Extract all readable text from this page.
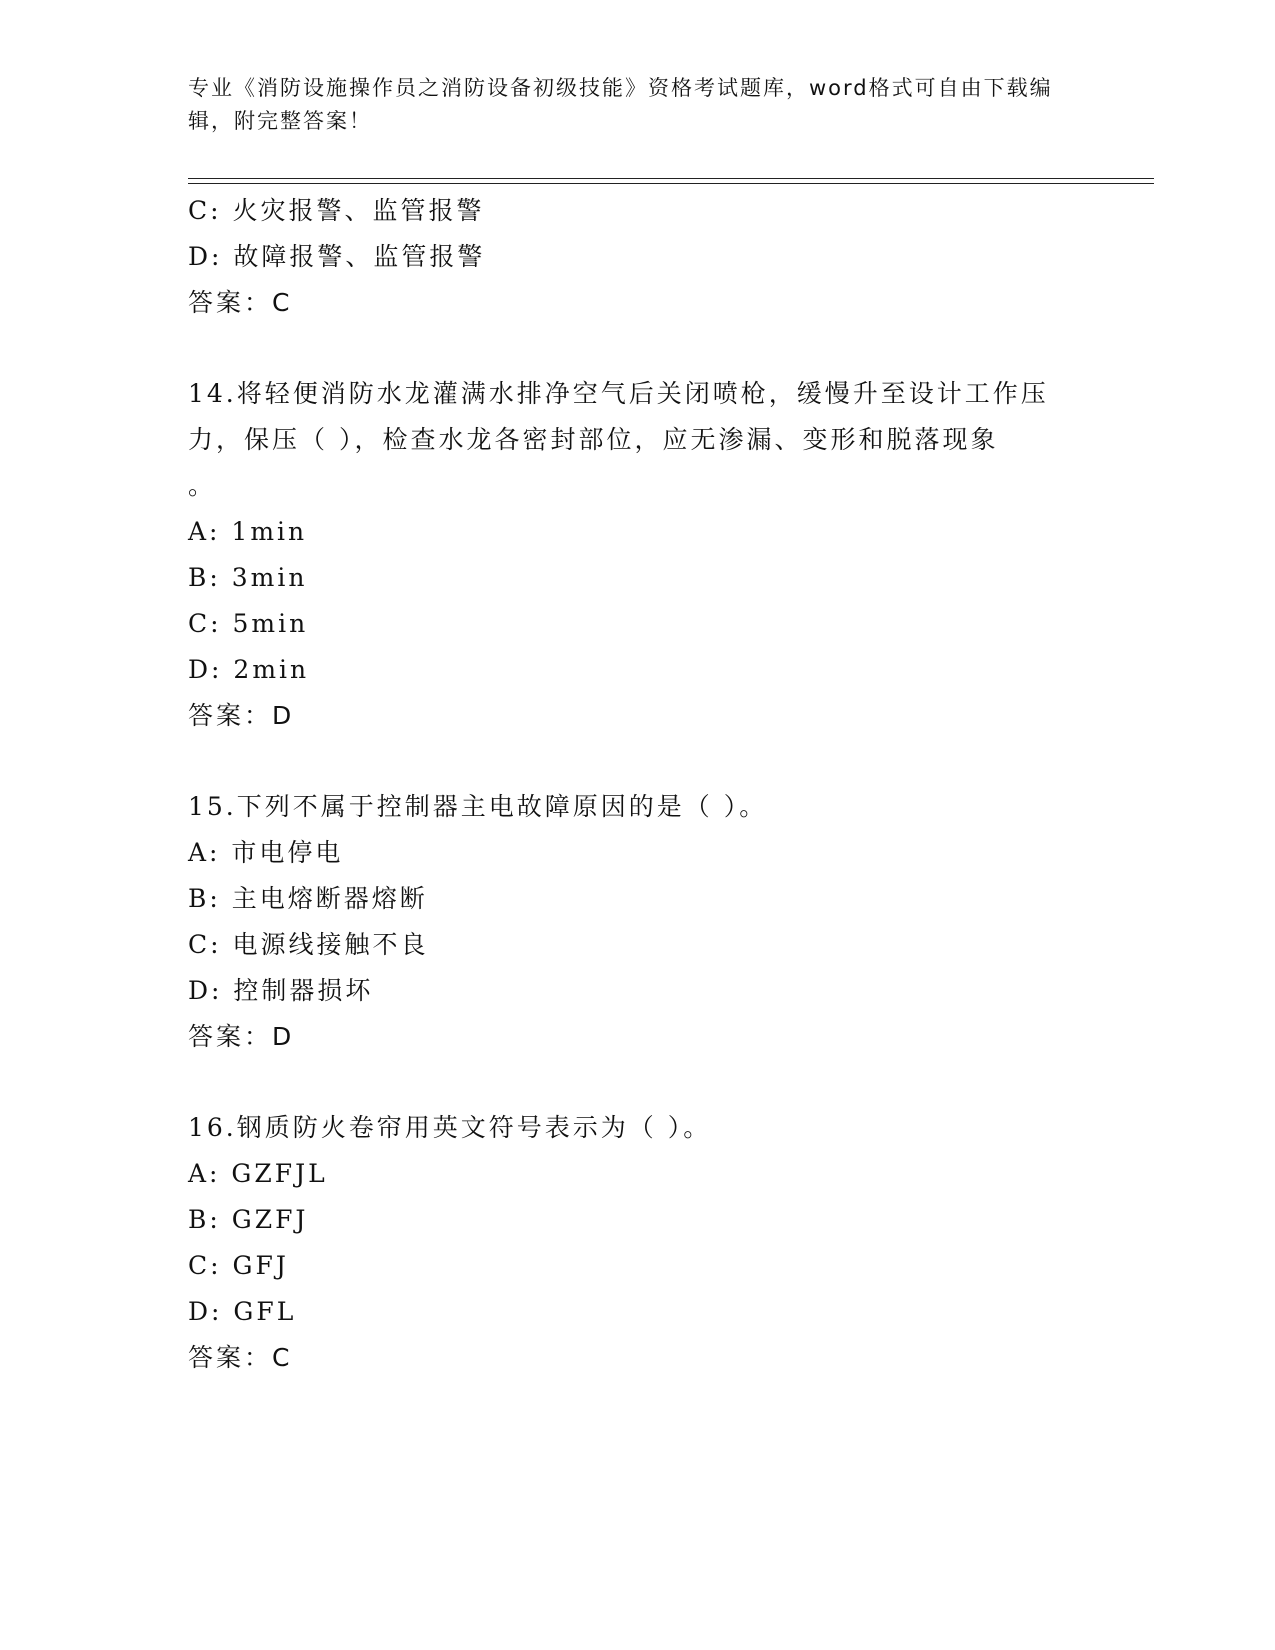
专业《消防设施操作员之消防设备初级技能》资格考试题库，word格式可自由下载编辑，附完整答案！
C: 火灾报警、监管报警
D: 故障报警、监管报警
答案：C
14.将轻便消防水龙灌满水排净空气后关闭喷枪，缓慢升至设计工作压
力，保压（ ），检查水龙各密封部位，应无渗漏、变形和脱落现象
。
A: 1min
B: 3min
C: 5min
D: 2min
答案：D
15.下列不属于控制器主电故障原因的是（ ）。
A: 市电停电
B: 主电熔断器熔断
C: 电源线接触不良
D: 控制器损坏
答案：D
16.钢质防火卷帘用英文符号表示为（ ）。
A: GZFJL
B: GZFJ
C: GFJ
D: GFL
答案：C
